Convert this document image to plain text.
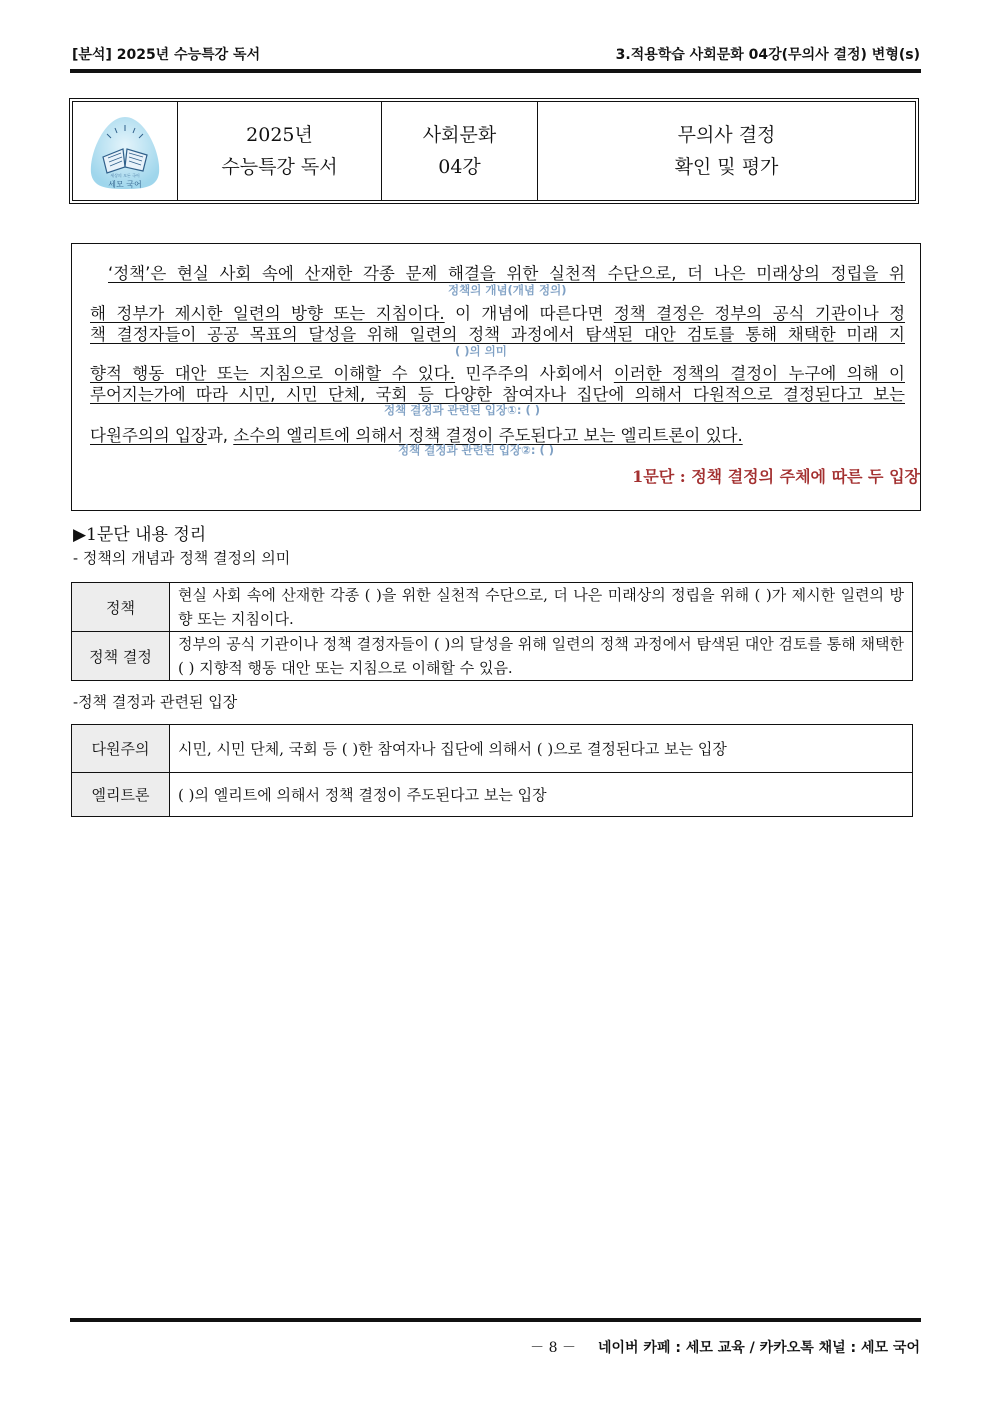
[분석] 2025년 수능특강 독서	3.적용학습 사회문화 04강(무의사 결정) 변형(s)
세상의 모든 국어
세모 국어
2025년
수능특강 독서
사회문화
04강
무의사 결정
확인 및 평가
‘정책’은 현실 사회 속에 산재한 각종 문제 해결을 위한 실천적 수단으로, 더 나은 미래상의 정립을 위
정책의 개념(개념 정의)
해 정부가 제시한 일련의 방향 또는 지침이다. 이 개념에 따른다면 정책 결정은 정부의 공식 기관이나 정
책 결정자들이 공공 목표의 달성을 위해 일련의 정책 과정에서 탐색된 대안 검토를 통해 채택한 미래 지
( )의 의미
향적 행동 대안 또는 지침으로 이해할 수 있다. 민주주의 사회에서 이러한 정책의 결정이 누구에 의해 이
루어지는가에 따라 시민, 시민 단체, 국회 등 다양한 참여자나 집단에 의해서 다원적으로 결정된다고 보는
정책 결정과 관련된 입장①: ( )
다원주의의 입장과, 소수의 엘리트에 의해서 정책 결정이 주도된다고 보는 엘리트론이 있다.
정책 결정과 관련된 입장②: ( )
1문단 : 정책 결정의 주체에 따른 두 입장
▶1문단 내용 정리
- 정책의 개념과 정책 결정의 의미
정책	현실 사회 속에 산재한 각종 ( )을 위한 실천적 수단으로, 더 나은 미래상의 정립을 위해 ( )가 제시한 일련의 방향 또는 지침이다.
정책 결정	정부의 공식 기관이나 정책 결정자들이 ( )의 달성을 위해 일련의 정책 과정에서 탐색된 대안 검토를 통해 채택한 ( ) 지향적 행동 대안 또는 지침으로 이해할 수 있음.
-정책 결정과 관련된 입장
다원주의	시민, 시민 단체, 국회 등 ( )한 참여자나 집단에 의해서 ( )으로 결정된다고 보는 입장
엘리트론	( )의 엘리트에 의해서 정책 결정이 주도된다고 보는 입장
－ 8 － 네이버 카페 : 세모 교육 / 카카오톡 채널 : 세모 국어
